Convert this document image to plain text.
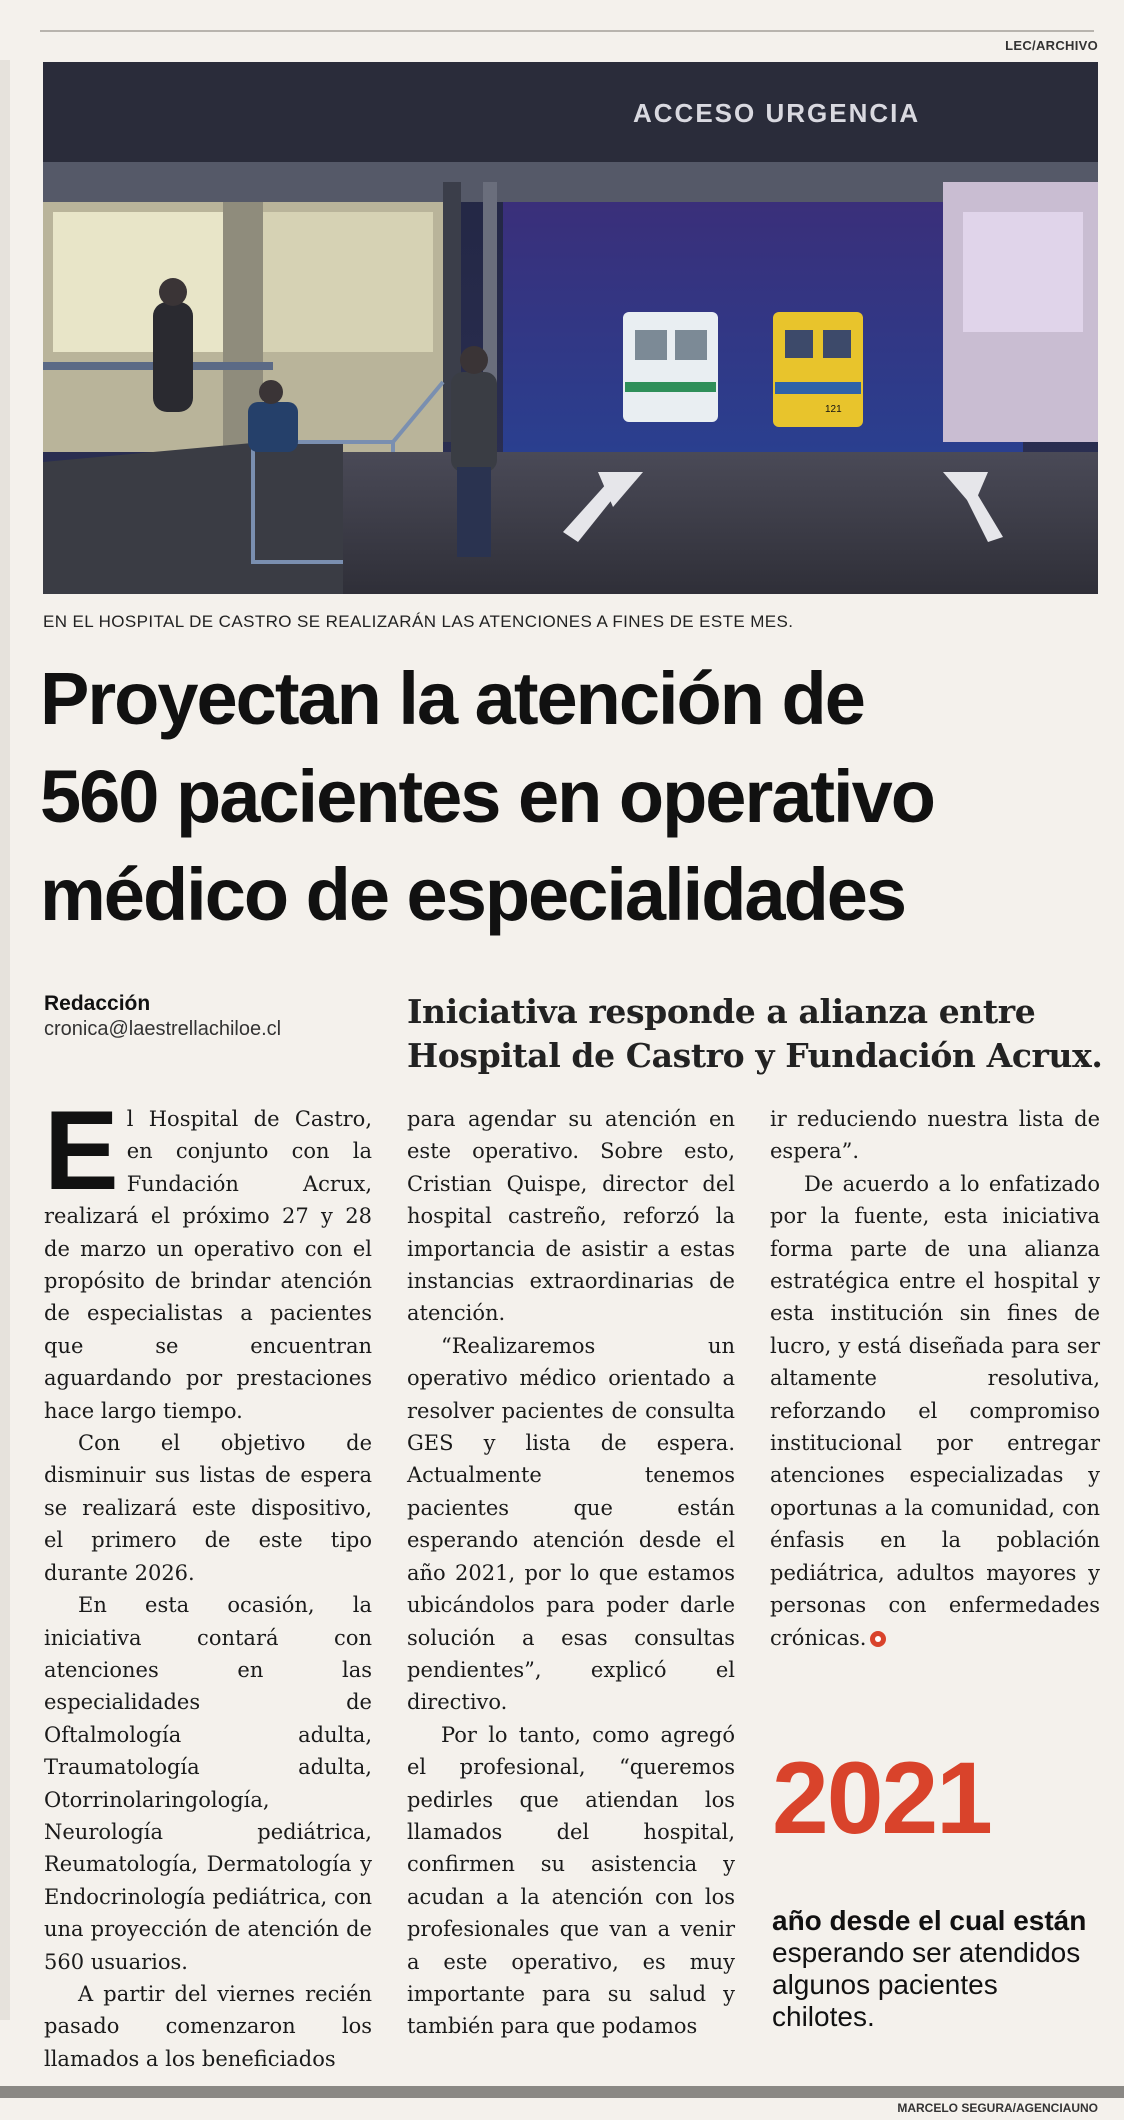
LEC/ARCHIVO
ACCESO URGENCIA
121
EN EL HOSPITAL DE CASTRO SE REALIZARÁN LAS ATENCIONES A FINES DE ESTE MES.
Proyectan la atención de
560 pacientes en operativo
médico de especialidades
Redacción
cronica@laestrellachiloe.cl	Iniciativa responde a alianza entre
Hospital de Castro y Fundación Acrux.

El Hospital de Castro, en conjunto con la Fundación Acrux, realizará el próximo 27 y 28 de marzo un operativo con el propósito de brindar atención de especialistas a pacientes que se encuentran aguardando por prestaciones hace largo tiempo.

Con el objetivo de disminuir sus listas de espera se realizará este dispositivo, el primero de este tipo durante 2026.

En esta ocasión, la iniciativa contará con atenciones en las especialidades de Oftalmología adulta, Traumatología adulta, Otorrinolaringología, Neurología pediátrica, Reumatología, Dermatología y Endocrinología pediátrica, con una proyección de atención de 560 usuarios.

A partir del viernes recién pasado comenzaron los llamados a los beneficiados

para agendar su atención en este operativo. Sobre esto, Cristian Quispe, director del hospital castreño, reforzó la importancia de asistir a estas instancias extraordinarias de atención.

“Realizaremos un operativo médico orientado a resolver pacientes de consulta GES y lista de espera. Actualmente tenemos pacientes que están esperando atención desde el año 2021, por lo que estamos ubicándolos para poder darle solución a esas consultas pendientes”, explicó el directivo.

Por lo tanto, como agregó el profesional, “queremos pedirles que atiendan los llamados del hospital, confirmen su asistencia y acudan a la atención con los profesionales que van a venir a este operativo, es muy importante para su salud y también para que podamos

ir reduciendo nuestra lista de espera”.

De acuerdo a lo enfatizado por la fuente, esta iniciativa forma parte de una alianza estratégica entre el hospital y esta institución sin fines de lucro, y está diseñada para ser altamente resolutiva, reforzando el compromiso institucional por entregar atenciones especializadas y oportunas a la comunidad, con énfasis en la población pediátrica, adultos mayores y personas con enfermedades crónicas.

2021
año desde el cual están
esperando ser atendidos algunos pacientes chilotes.
MARCELO SEGURA/AGENCIAUNO
